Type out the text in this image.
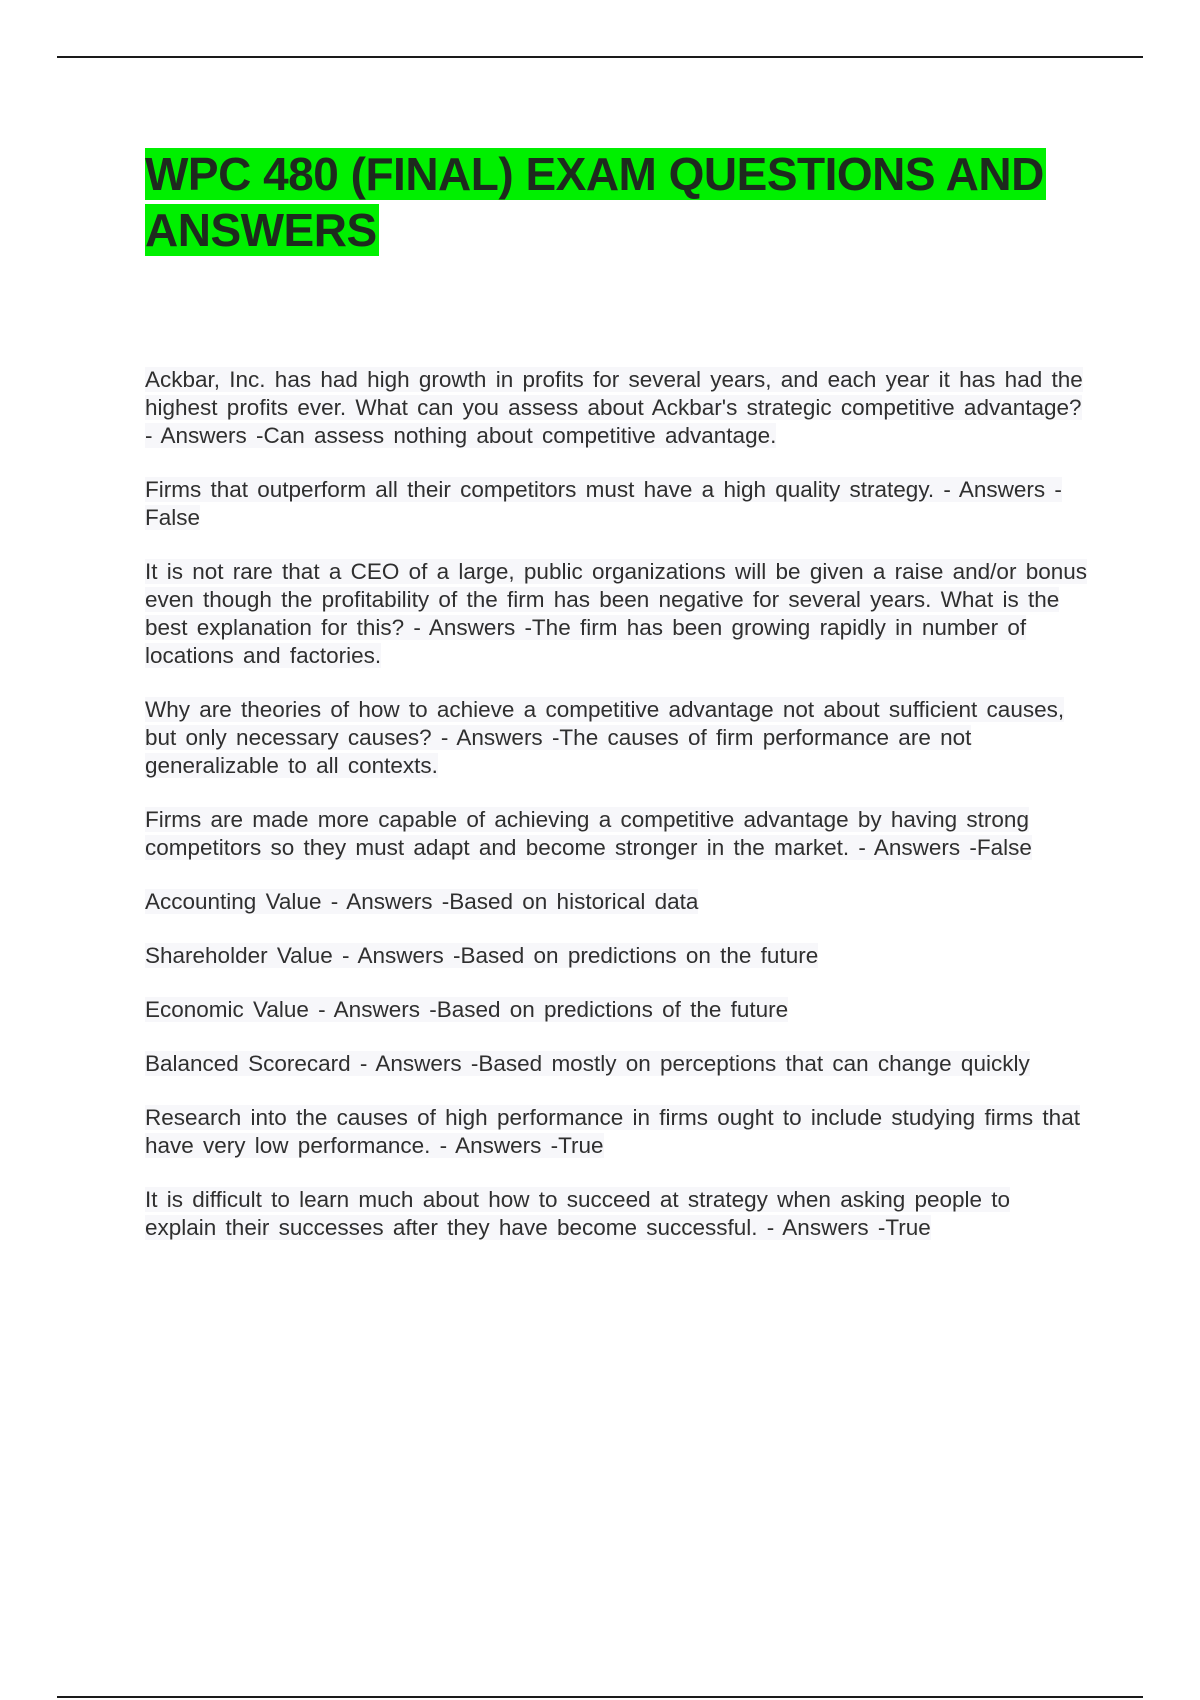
WPC 480 (FINAL) EXAM QUESTIONS AND ANSWERS

Ackbar, Inc. has had high growth in profits for several years, and each year it has had the highest profits ever. What can you assess about Ackbar's strategic competitive advantage? - Answers -Can assess nothing about competitive advantage.

Firms that outperform all their competitors must have a high quality strategy. - Answers -False

It is not rare that a CEO of a large, public organizations will be given a raise and/or bonus even though the profitability of the firm has been negative for several years. What is the best explanation for this? - Answers -The firm has been growing rapidly in number of locations and factories.

Why are theories of how to achieve a competitive advantage not about sufficient causes, but only necessary causes? - Answers -The causes of firm performance are not generalizable to all contexts.

Firms are made more capable of achieving a competitive advantage by having strong competitors so they must adapt and become stronger in the market. - Answers -False

Accounting Value - Answers -Based on historical data

Shareholder Value - Answers -Based on predictions on the future

Economic Value - Answers -Based on predictions of the future

Balanced Scorecard - Answers -Based mostly on perceptions that can change quickly

Research into the causes of high performance in firms ought to include studying firms that have very low performance. - Answers -True

It is difficult to learn much about how to succeed at strategy when asking people to explain their successes after they have become successful. - Answers -True
